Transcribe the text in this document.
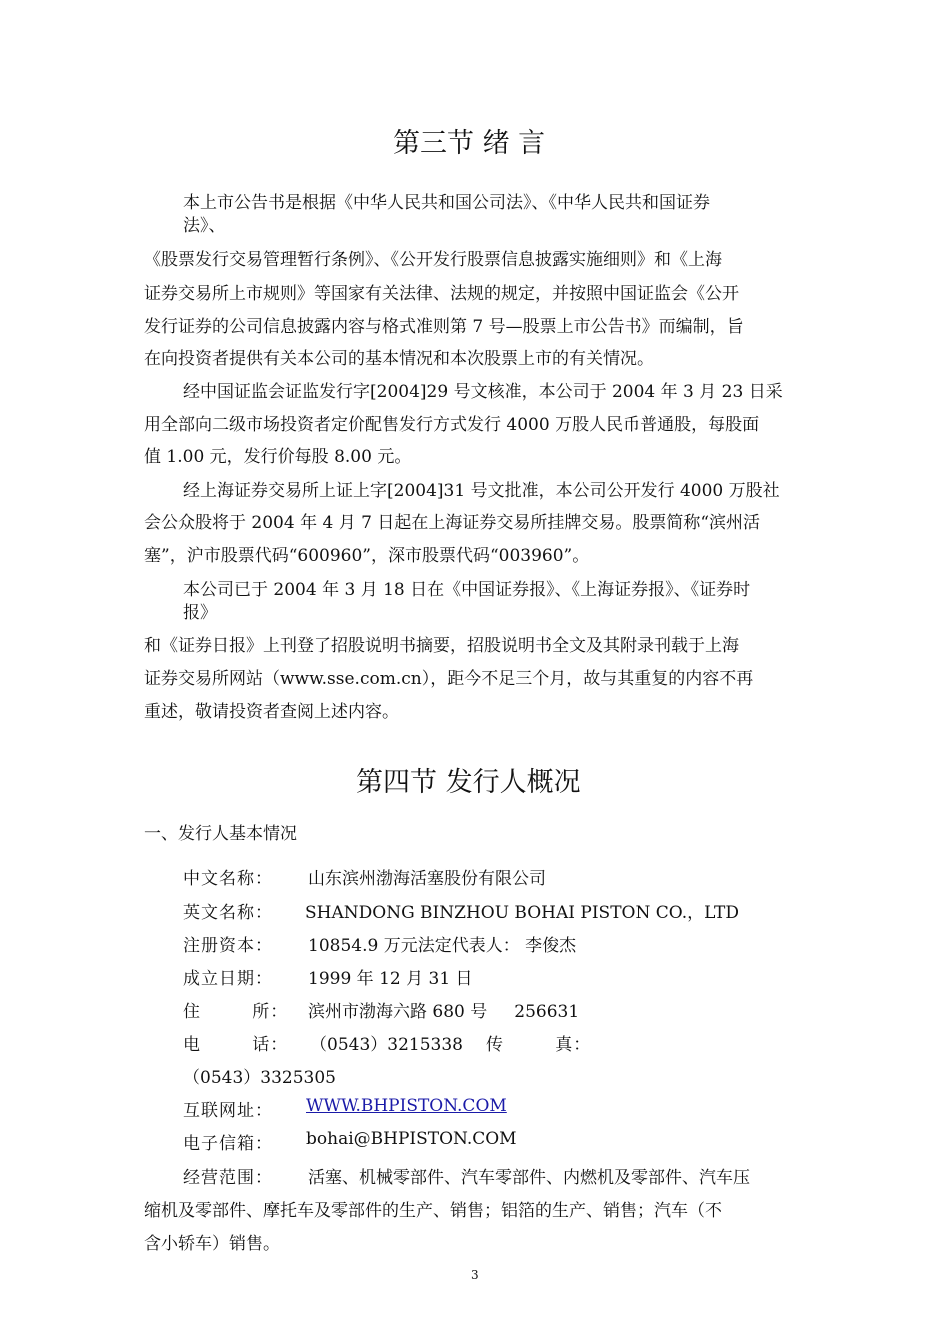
第三节 绪 言
本上市公告书是根据《中华人民共和国公司法》、《中华人民共和国证券
法》、
《股票发行交易管理暂行条例》、《公开发行股票信息披露实施细则》和《上海
证券交易所上市规则》等国家有关法律、法规的规定，并按照中国证监会《公开
发行证券的公司信息披露内容与格式准则第 7 号—股票上市公告书》而编制，旨
在向投资者提供有关本公司的基本情况和本次股票上市的有关情况。
经中国证监会证监发行字[2004]29 号文核准，本公司于 2004 年 3 月 23 日采
用全部向二级市场投资者定价配售发行方式发行 4000 万股人民币普通股，每股面
值 1.00 元，发行价每股 8.00 元。
经上海证券交易所上证上字[2004]31 号文批准，本公司公开发行 4000 万股社
会公众股将于 2004 年 4 月 7 日起在上海证券交易所挂牌交易。股票简称“滨州活
塞”，沪市股票代码“600960”，深市股票代码“003960”。
本公司已于 2004 年 3 月 18 日在《中国证券报》、《上海证券报》、《证券时
报》
和《证券日报》上刊登了招股说明书摘要，招股说明书全文及其附录刊载于上海
证券交易所网站（www.sse.com.cn），距今不足三个月，故与其重复的内容不再
重述，敬请投资者查阅上述内容。
第四节 发行人概况
一、发行人基本情况
中文名称： 山东滨州渤海活塞股份有限公司
英文名称： SHANDONG BINZHOU BOHAI PISTON CO.，LTD
注册资本： 10854.9 万元法定代表人： 李俊杰
成立日期： 1999 年 12 月 31 日
住        所： 滨州市渤海六路 680 号     256631
电        话： （0543）3215338 传        真：
（0543）3325305
互联网址： WWW.BHPISTON.COM
电子信箱： bohai@BHPISTON.COM
经营范围： 活塞、机械零部件、汽车零部件、内燃机及零部件、汽车压
缩机及零部件、摩托车及零部件的生产、销售；铝箔的生产、销售；汽车（不
含小轿车）销售。
3
